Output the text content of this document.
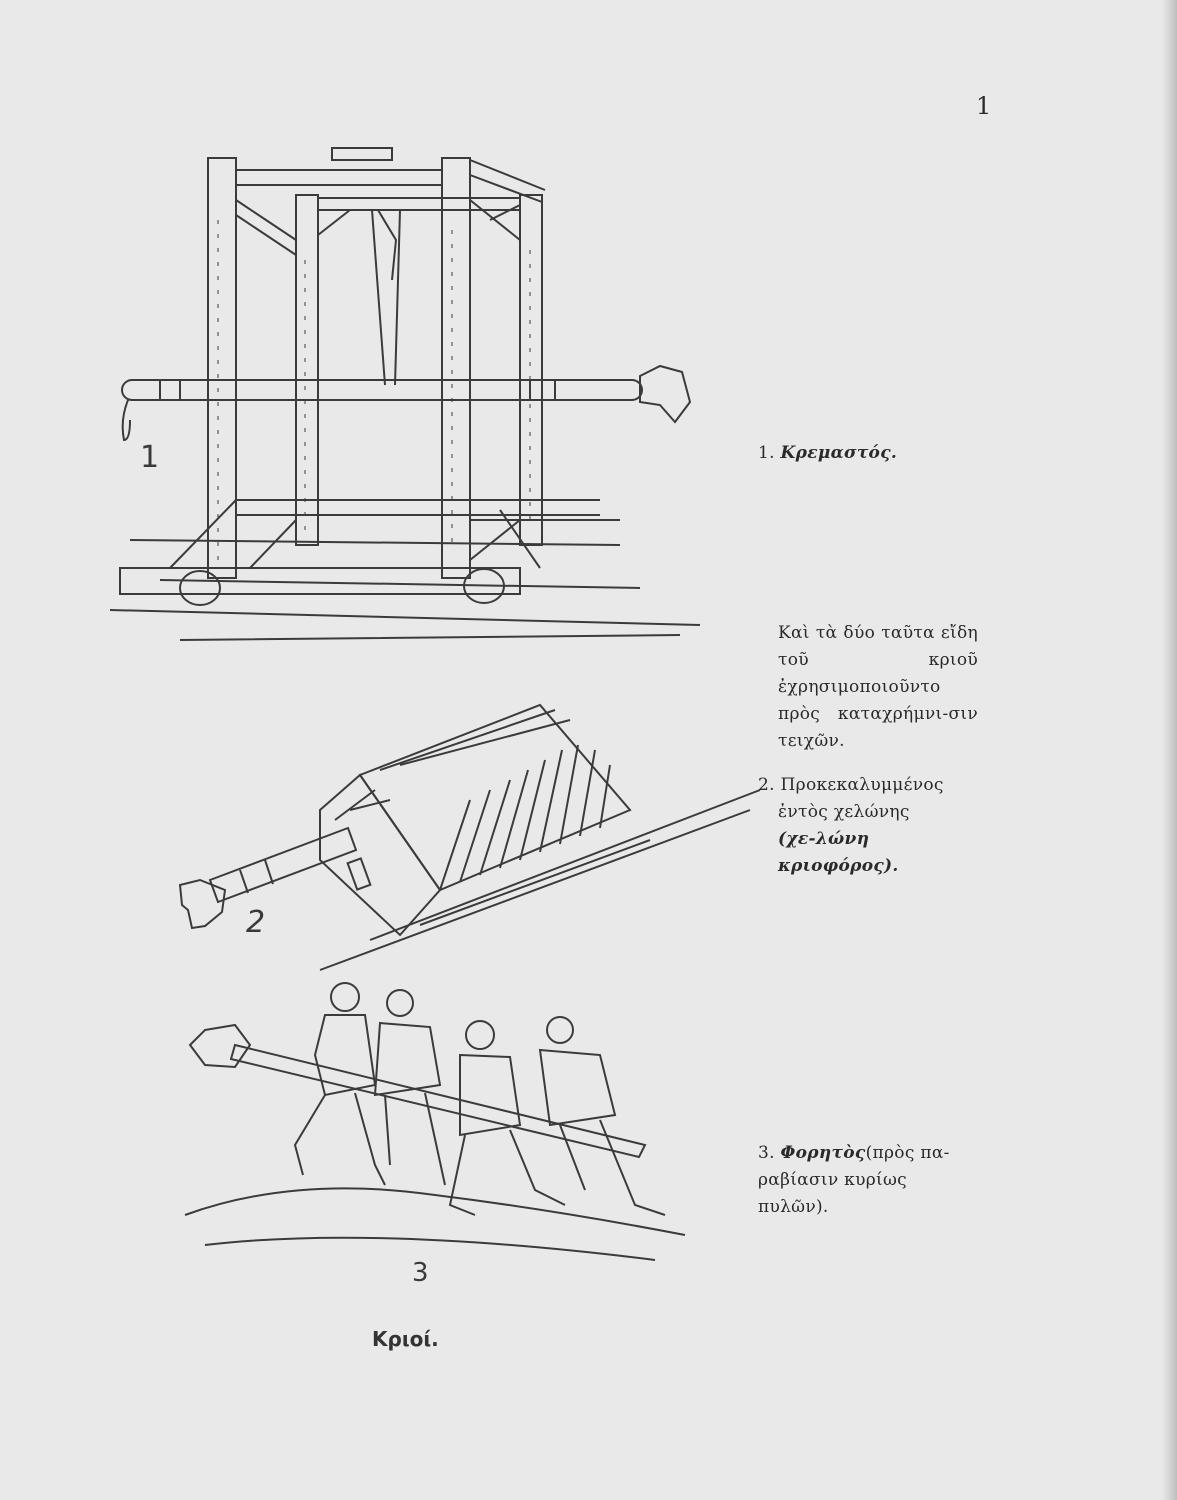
1
1	1. Κρεμαστός.
Καὶ τὰ δύο ταῦτα εἴδη τοῦ κριοῦ ἐχρησιμοποιοῦντο πρὸς καταχρήμνι-σιν τειχῶν.
2
2. Προκεκαλυμμένος
ἐντὸς χελώνης
(χε-λώνη κριοφόρος).
3
3. Φορητὸς(πρὸς πα-ραβίασιν κυρίως πυλῶν).
Κριοί.
